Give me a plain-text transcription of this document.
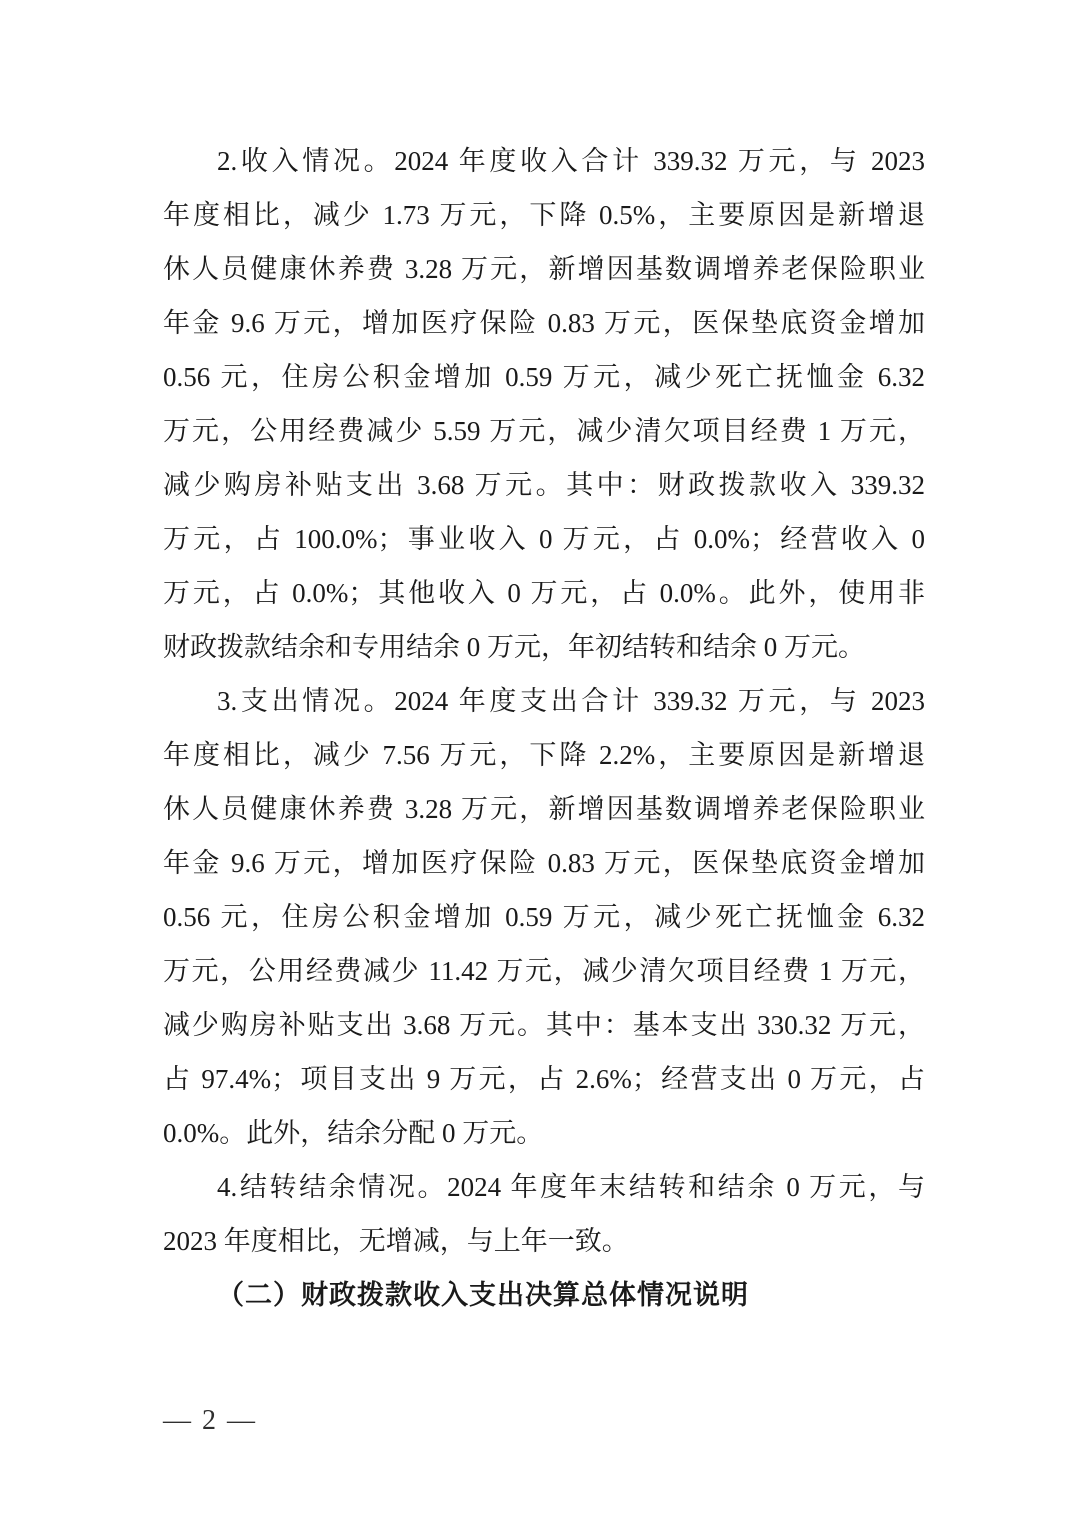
2.收入情况。2024 年度收入合计 339.32 万元，与 2023
年度相比，减少 1.73 万元，下降 0.5%，主要原因是新增退
休人员健康休养费 3.28 万元，新增因基数调增养老保险职业
年金 9.6 万元，增加医疗保险 0.83 万元，医保垫底资金增加
0.56 元，住房公积金增加 0.59 万元，减少死亡抚恤金 6.32
万元，公用经费减少 5.59 万元，减少清欠项目经费 1 万元，
减少购房补贴支出 3.68 万元。其中：财政拨款收入 339.32
万元，占 100.0%；事业收入 0 万元，占 0.0%；经营收入 0
万元，占 0.0%；其他收入 0 万元，占 0.0%。此外，使用非
财政拨款结余和专用结余 0 万元，年初结转和结余 0 万元。
3.支出情况。2024 年度支出合计 339.32 万元，与 2023
年度相比，减少 7.56 万元，下降 2.2%，主要原因是新增退
休人员健康休养费 3.28 万元，新增因基数调增养老保险职业
年金 9.6 万元，增加医疗保险 0.83 万元，医保垫底资金增加
0.56 元，住房公积金增加 0.59 万元，减少死亡抚恤金 6.32
万元，公用经费减少 11.42 万元，减少清欠项目经费 1 万元，
减少购房补贴支出 3.68 万元。其中：基本支出 330.32 万元，
占 97.4%；项目支出 9 万元，占 2.6%；经营支出 0 万元，占
0.0%。此外，结余分配 0 万元。
4.结转结余情况。2024 年度年末结转和结余 0 万元，与
2023 年度相比，无增减，与上年一致。
（二）财政拨款收入支出决算总体情况说明
— 2 —
